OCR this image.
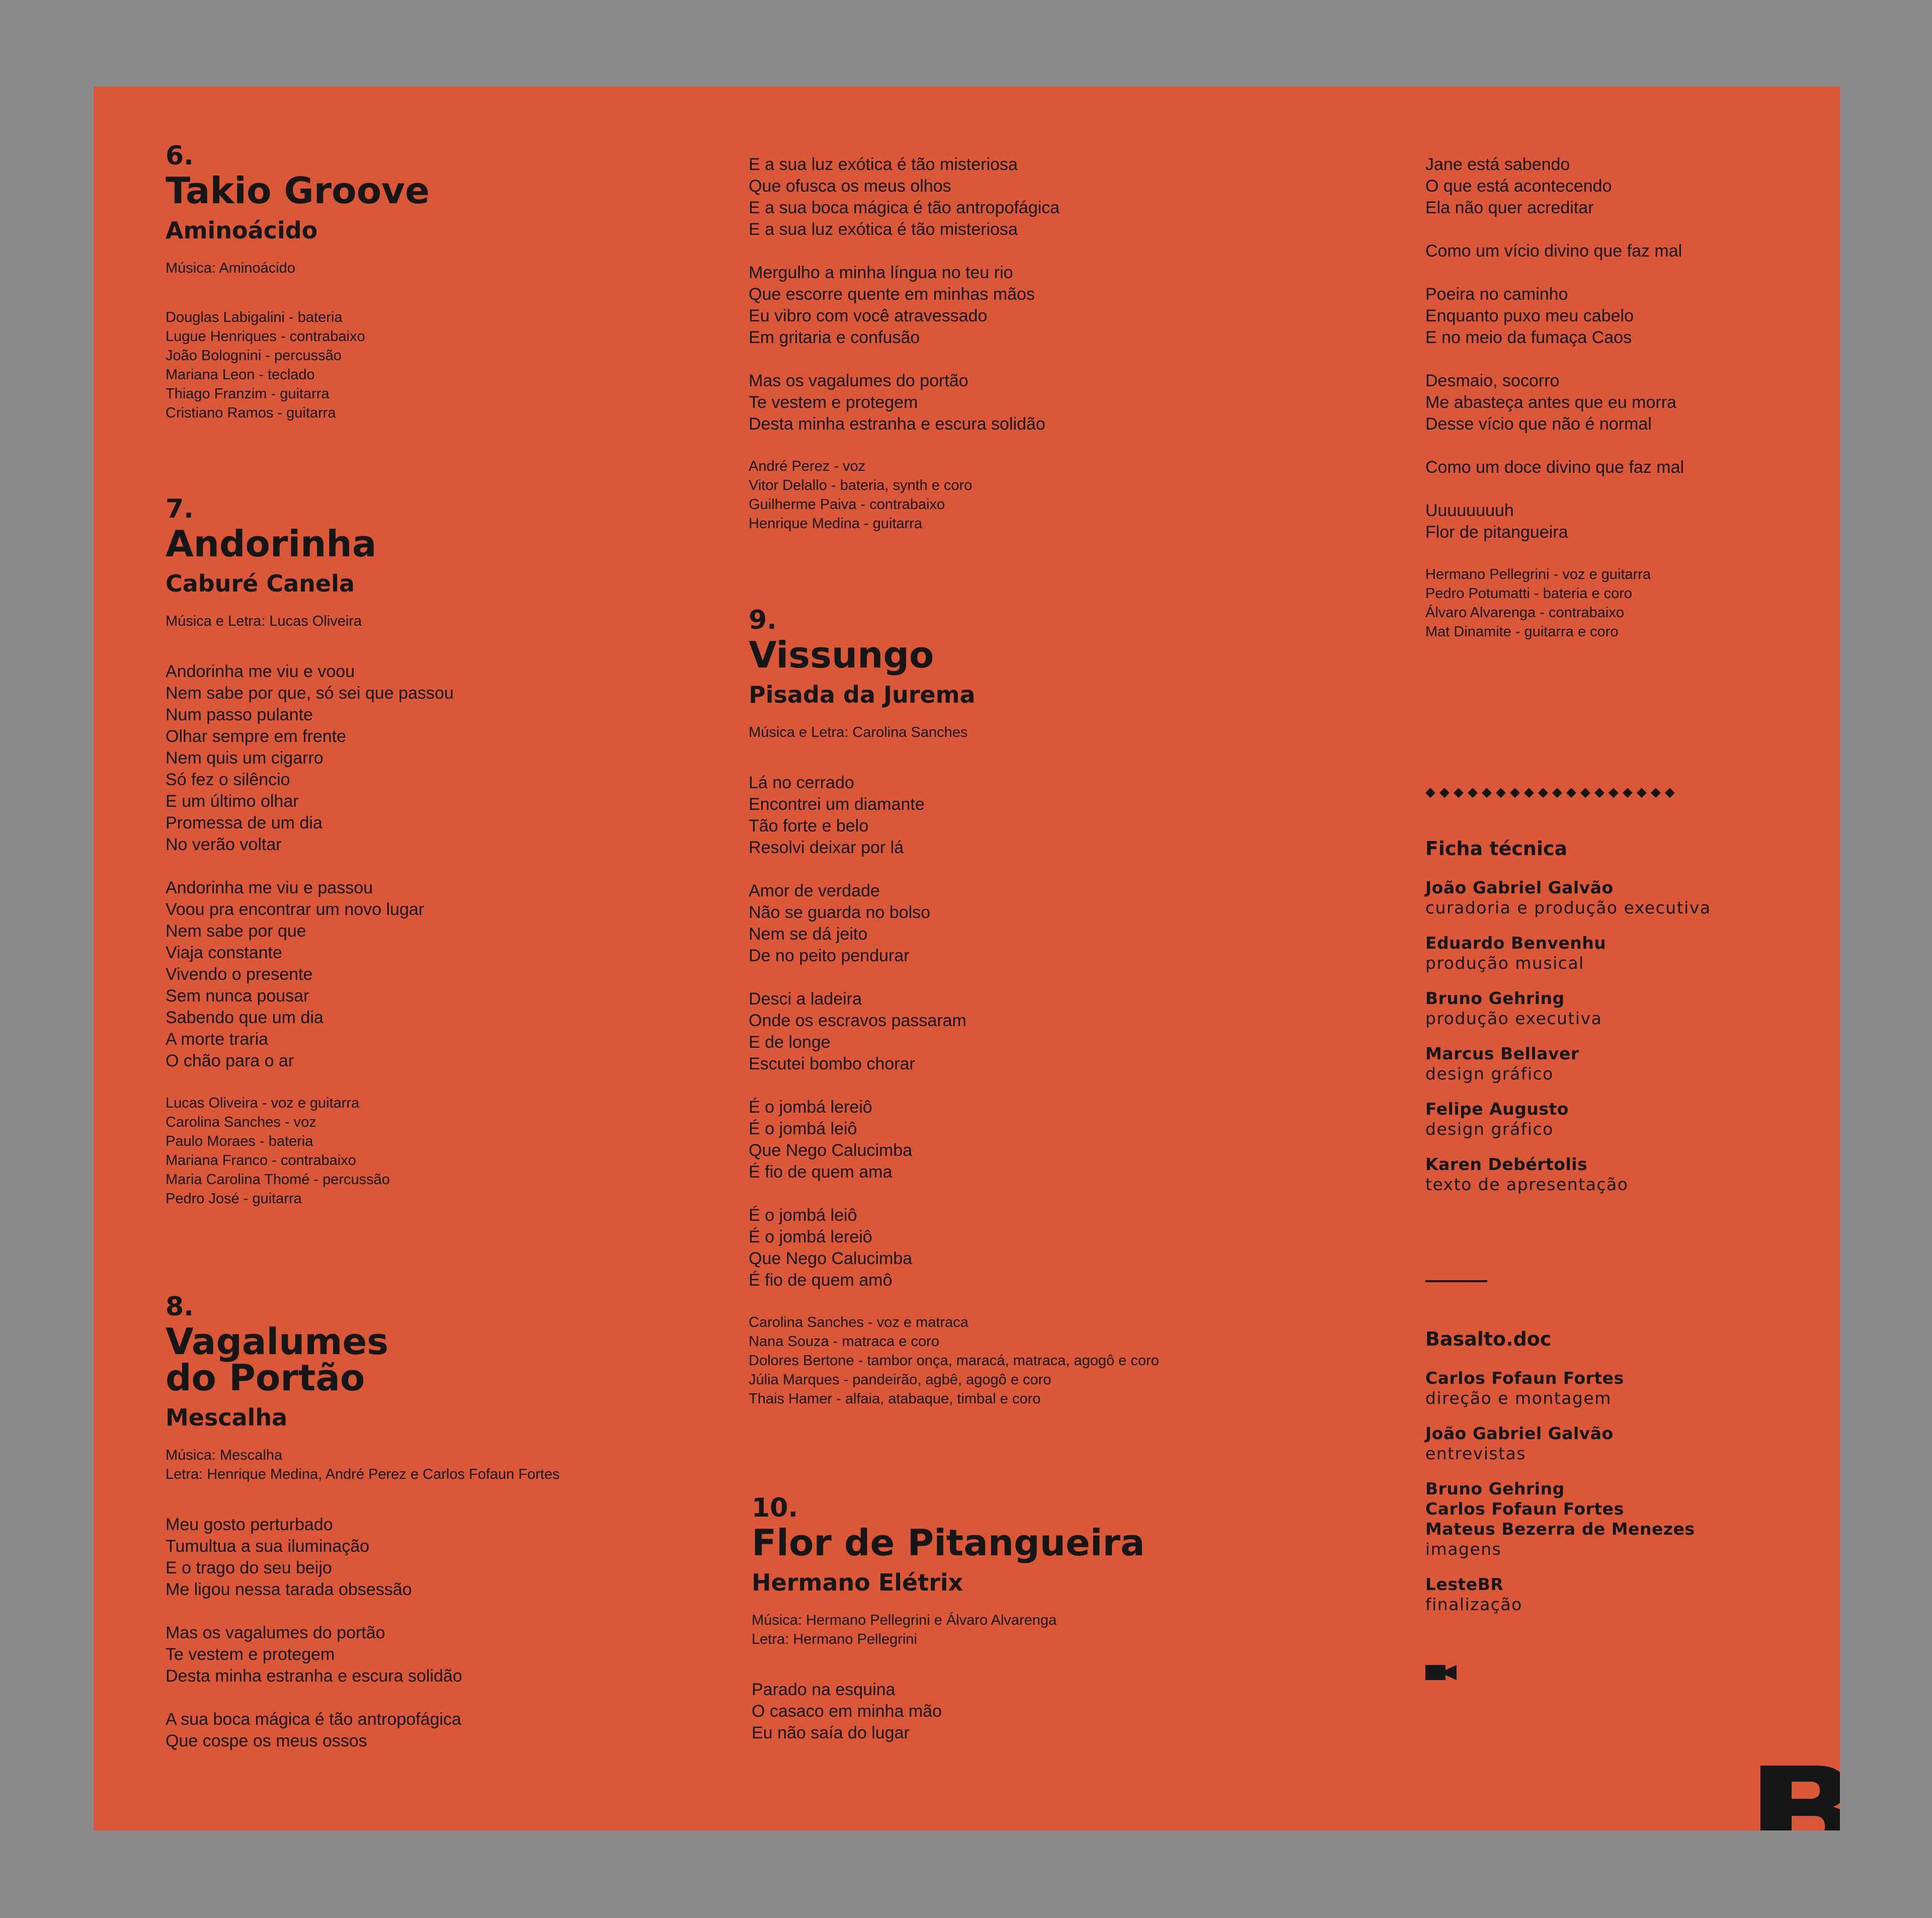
6.
Takio Groove
Aminoácido
Música: Aminoácido
Douglas Labigalini - bateria
Lugue Henriques - contrabaixo
João Bolognini - percussão
Mariana Leon - teclado
Thiago Franzim - guitarra
Cristiano Ramos - guitarra
7.
Andorinha
Caburé Canela
Música e Letra: Lucas Oliveira
Andorinha me viu e voou
Nem sabe por que, só sei que passou
Num passo pulante
Olhar sempre em frente
Nem quis um cigarro
Só fez o silêncio
E um último olhar
Promessa de um dia
No verão voltar
Andorinha me viu e passou
Voou pra encontrar um novo lugar
Nem sabe por que
Viaja constante
Vivendo o presente
Sem nunca pousar
Sabendo que um dia
A morte traria
O chão para o ar
Lucas Oliveira - voz e guitarra
Carolina Sanches - voz
Paulo Moraes - bateria
Mariana Franco - contrabaixo
Maria Carolina Thomé - percussão
Pedro José - guitarra
8.
Vagalumes
do Portão
Mescalha
Música: Mescalha
Letra: Henrique Medina, André Perez e Carlos Fofaun Fortes
Meu gosto perturbado
Tumultua a sua iluminação
E o trago do seu beijo
Me ligou nessa tarada obsessão
Mas os vagalumes do portão
Te vestem e protegem
Desta minha estranha e escura solidão
A sua boca mágica é tão antropofágica
Que cospe os meus ossos
E a sua luz exótica é tão misteriosa
Que ofusca os meus olhos
E a sua boca mágica é tão antropofágica
E a sua luz exótica é tão misteriosa
Mergulho a minha língua no teu rio
Que escorre quente em minhas mãos
Eu vibro com você atravessado
Em gritaria e confusão
Mas os vagalumes do portão
Te vestem e protegem
Desta minha estranha e escura solidão
André Perez - voz
Vitor Delallo - bateria, synth e coro
Guilherme Paiva - contrabaixo
Henrique Medina - guitarra
9.
Vissungo
Pisada da Jurema
Música e Letra: Carolina Sanches
Lá no cerrado
Encontrei um diamante
Tão forte e belo
Resolvi deixar por lá
Amor de verdade
Não se guarda no bolso
Nem se dá jeito
De no peito pendurar
Desci a ladeira
Onde os escravos passaram
E de longe
Escutei bombo chorar
É o jombá lereiô
É o jombá leiô
Que Nego Calucimba
É fio de quem ama
É o jombá leiô
É o jombá lereiô
Que Nego Calucimba
É fio de quem amô
Carolina Sanches - voz e matraca
Nana Souza - matraca e coro
Dolores Bertone - tambor onça, maracá, matraca, agogô e coro
Júlia Marques - pandeirão, agbê, agogô e coro
Thais Hamer - alfaia, atabaque, timbal e coro
10.
Flor de Pitangueira
Hermano Elétrix
Música: Hermano Pellegrini e Álvaro Alvarenga
Letra: Hermano Pellegrini
Parado na esquina
O casaco em minha mão
Eu não saía do lugar
Jane está sabendo
O que está acontecendo
Ela não quer acreditar
Como um vício divino que faz mal
Poeira no caminho
Enquanto puxo meu cabelo
E no meio da fumaça Caos
Desmaio, socorro
Me abasteça antes que eu morra
Desse vício que não é normal
Como um doce divino que faz mal
Uuuuuuuuh
Flor de pitangueira
Hermano Pellegrini - voz e guitarra
Pedro Potumatti - bateria e coro
Álvaro Alvarenga - contrabaixo
Mat Dinamite - guitarra e coro
◆◆◆◆◆◆◆◆◆◆◆◆◆◆◆◆◆◆
Ficha técnica
João Gabriel Galvão
curadoria e produção executiva
Eduardo Benvenhu
produção musical
Bruno Gehring
produção executiva
Marcus Bellaver
design gráfico
Felipe Augusto
design gráfico
Karen Debértolis
texto de apresentação
Basalto.doc
Carlos Fofaun Fortes
direção e montagem
João Gabriel Galvão
entrevistas
Bruno Gehring
Carlos Fofaun Fortes
Mateus Bezerra de Menezes
imagens
LesteBR
finalização
